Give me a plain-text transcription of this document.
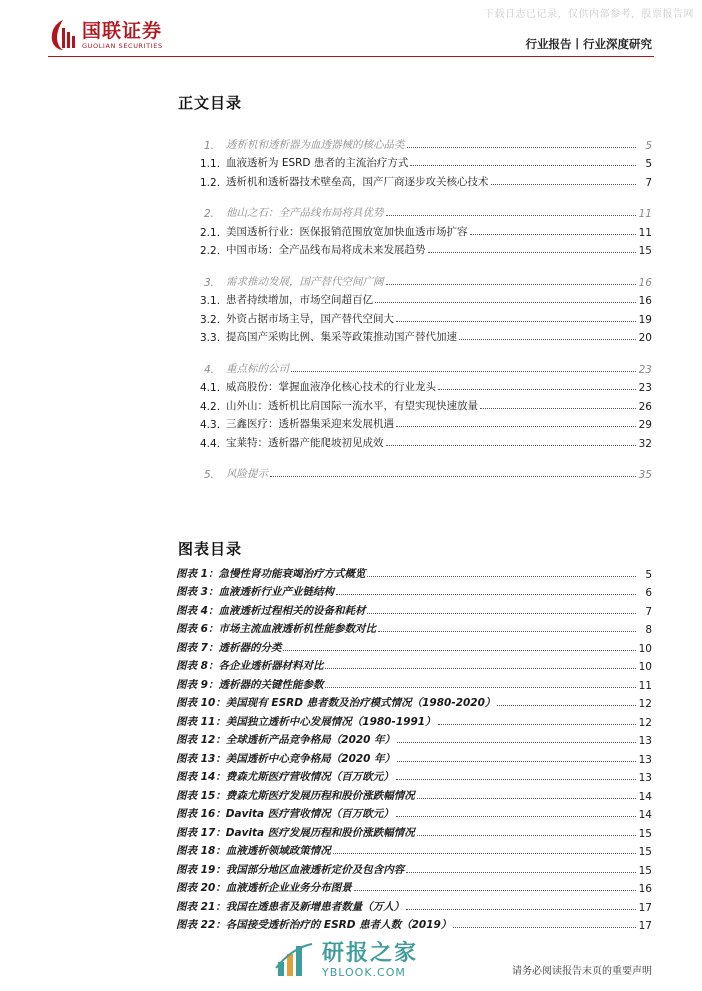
下载日志已记录，仅供内部参考，股票报告网
国联证券
GUOLIAN SECURITIES	行业报告丨行业深度研究
正文目录
1.	透析机和透析器为血透器械的核心品类	5
1.1. 血液透析为 ESRD 患者的主流治疗方式	5
1.2. 透析机和透析器技术壁垒高，国产厂商逐步攻关核心技术	7
2.	他山之石：全产品线布局将具优势	11
2.1. 美国透析行业：医保报销范围放宽加快血透市场扩容	11
2.2. 中国市场：全产品线布局将成未来发展趋势	15
3.	需求推动发展，国产替代空间广阔	16
3.1. 患者持续增加，市场空间超百亿	16
3.2. 外资占据市场主导，国产替代空间大	19
3.3. 提高国产采购比例、集采等政策推动国产替代加速	20
4.	重点标的公司	23
4.1. 威高股份：掌握血液净化核心技术的行业龙头	23
4.2. 山外山：透析机比肩国际一流水平，有望实现快速放量	26
4.3. 三鑫医疗：透析器集采迎来发展机遇	29
4.4. 宝莱特：透析器产能爬坡初见成效	32
5.	风险提示	35
图表目录
图表 1：急慢性肾功能衰竭治疗方式概览	5
图表 3：血液透析行业产业链结构	6
图表 4：血液透析过程相关的设备和耗材	7
图表 6：市场主流血液透析机性能参数对比	8
图表 7：透析器的分类	10
图表 8：各企业透析器材料对比	10
图表 9：透析器的关键性能参数	11
图表 10：美国现有 ESRD 患者数及治疗模式情况（1980-2020）	12
图表 11：美国独立透析中心发展情况（1980-1991）	12
图表 12：全球透析产品竞争格局（2020 年）	13
图表 13：美国透析中心竞争格局（2020 年）	13
图表 14：费森尤斯医疗营收情况（百万欧元）	13
图表 15：费森尤斯医疗发展历程和股价涨跌幅情况	14
图表 16：Davita 医疗营收情况（百万欧元）	14
图表 17：Davita 医疗发展历程和股价涨跌幅情况	15
图表 18：血液透析领域政策情况	15
图表 19：我国部分地区血液透析定价及包含内容	15
图表 20：血液透析企业业务分布图景	16
图表 21：我国在透患者及新增患者数量（万人）	17
图表 22：各国接受透析治疗的 ESRD 患者人数（2019）	17
研报之家
YBLOOK.COM	请务必阅读报告末页的重要声明
